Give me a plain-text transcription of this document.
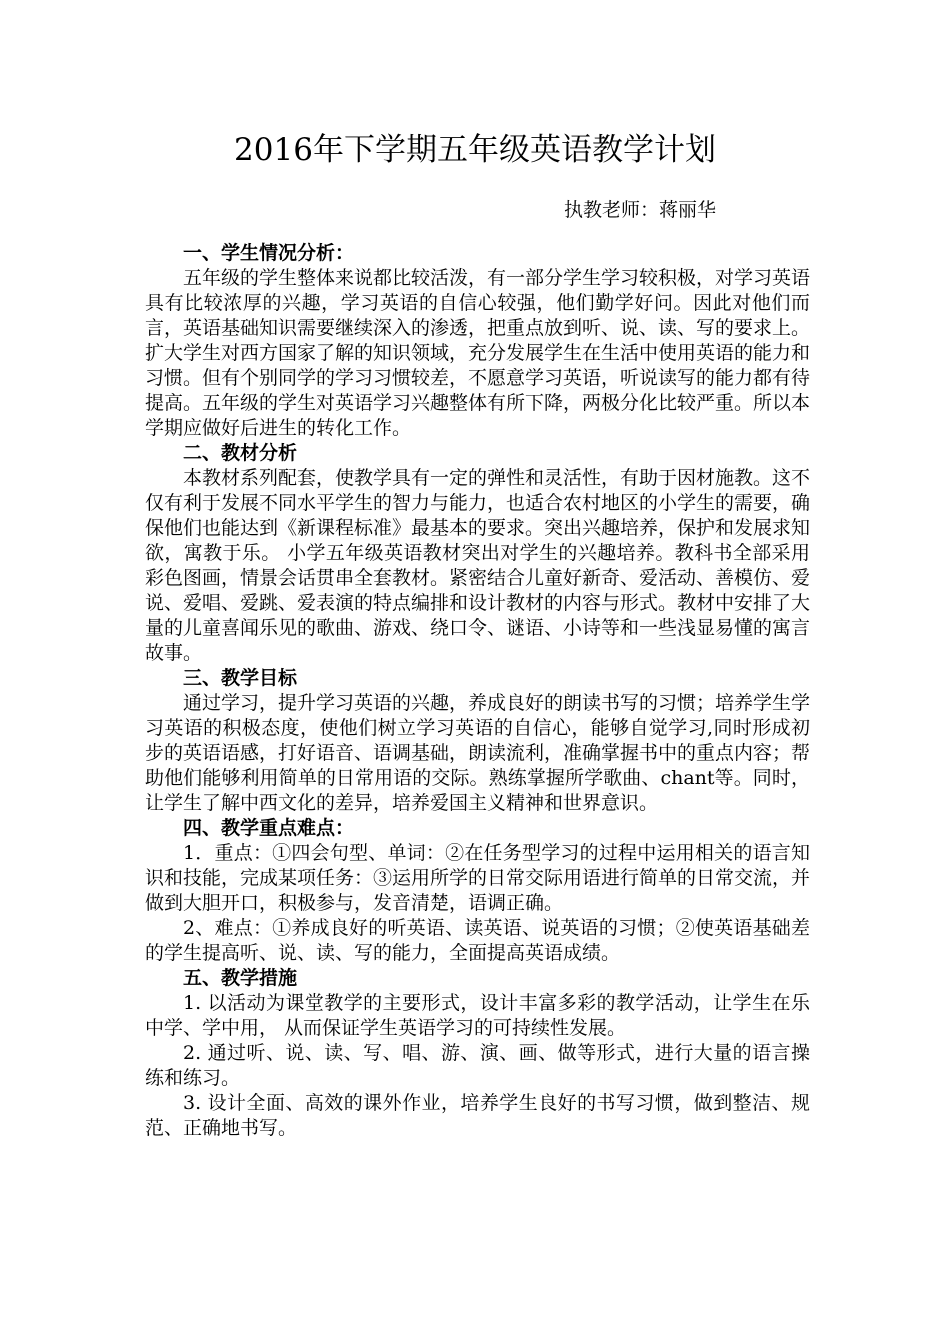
2016年下学期五年级英语教学计划
执教老师：蒋丽华

一、学生情况分析：

五年级的学生整体来说都比较活泼，有一部分学生学习较积极，对学习英语具有比较浓厚的兴趣，学习英语的自信心较强，他们勤学好问。因此对他们而言，英语基础知识需要继续深入的渗透，把重点放到听、说、读、写的要求上。扩大学生对西方国家了解的知识领域，充分发展学生在生活中使用英语的能力和习惯。但有个别同学的学习习惯较差，不愿意学习英语，听说读写的能力都有待提高。五年级的学生对英语学习兴趣整体有所下降，两极分化比较严重。所以本学期应做好后进生的转化工作。

二、教材分析

本教材系列配套，使教学具有一定的弹性和灵活性，有助于因材施教。这不仅有利于发展不同水平学生的智力与能力，也适合农村地区的小学生的需要，确保他们也能达到《新课程标准》最基本的要求。突出兴趣培养，保护和发展求知欲，寓教于乐。 小学五年级英语教材突出对学生的兴趣培养。教科书全部采用彩色图画，情景会话贯串全套教材。紧密结合儿童好新奇、爱活动、善模仿、爱说、爱唱、爱跳、爱表演的特点编排和设计教材的内容与形式。教材中安排了大量的儿童喜闻乐见的歌曲、游戏、绕口令、谜语、小诗等和一些浅显易懂的寓言故事。

三、教学目标

通过学习，提升学习英语的兴趣，养成良好的朗读书写的习惯；培养学生学习英语的积极态度，使他们树立学习英语的自信心，能够自觉学习,同时形成初步的英语语感，打好语音、语调基础，朗读流利，准确掌握书中的重点内容；帮助他们能够利用简单的日常用语的交际。熟练掌握所学歌曲、chant等。同时，让学生了解中西文化的差异，培养爱国主义精神和世界意识。

四、教学重点难点：

1．重点：①四会句型、单词：②在任务型学习的过程中运用相关的语言知识和技能，完成某项任务：③运用所学的日常交际用语进行简单的日常交流，并做到大胆开口，积极参与，发音清楚，语调正确。

2、难点：①养成良好的听英语、读英语、说英语的习惯；②使英语基础差的学生提高听、说、读、写的能力，全面提高英语成绩。

五、教学措施

1. 以活动为课堂教学的主要形式，设计丰富多彩的教学活动，让学生在乐中学、学中用， 从而保证学生英语学习的可持续性发展。

2. 通过听、说、读、写、唱、游、演、画、做等形式，进行大量的语言操练和练习。

3. 设计全面、高效的课外作业，培养学生良好的书写习惯，做到整洁、规范、正确地书写。
